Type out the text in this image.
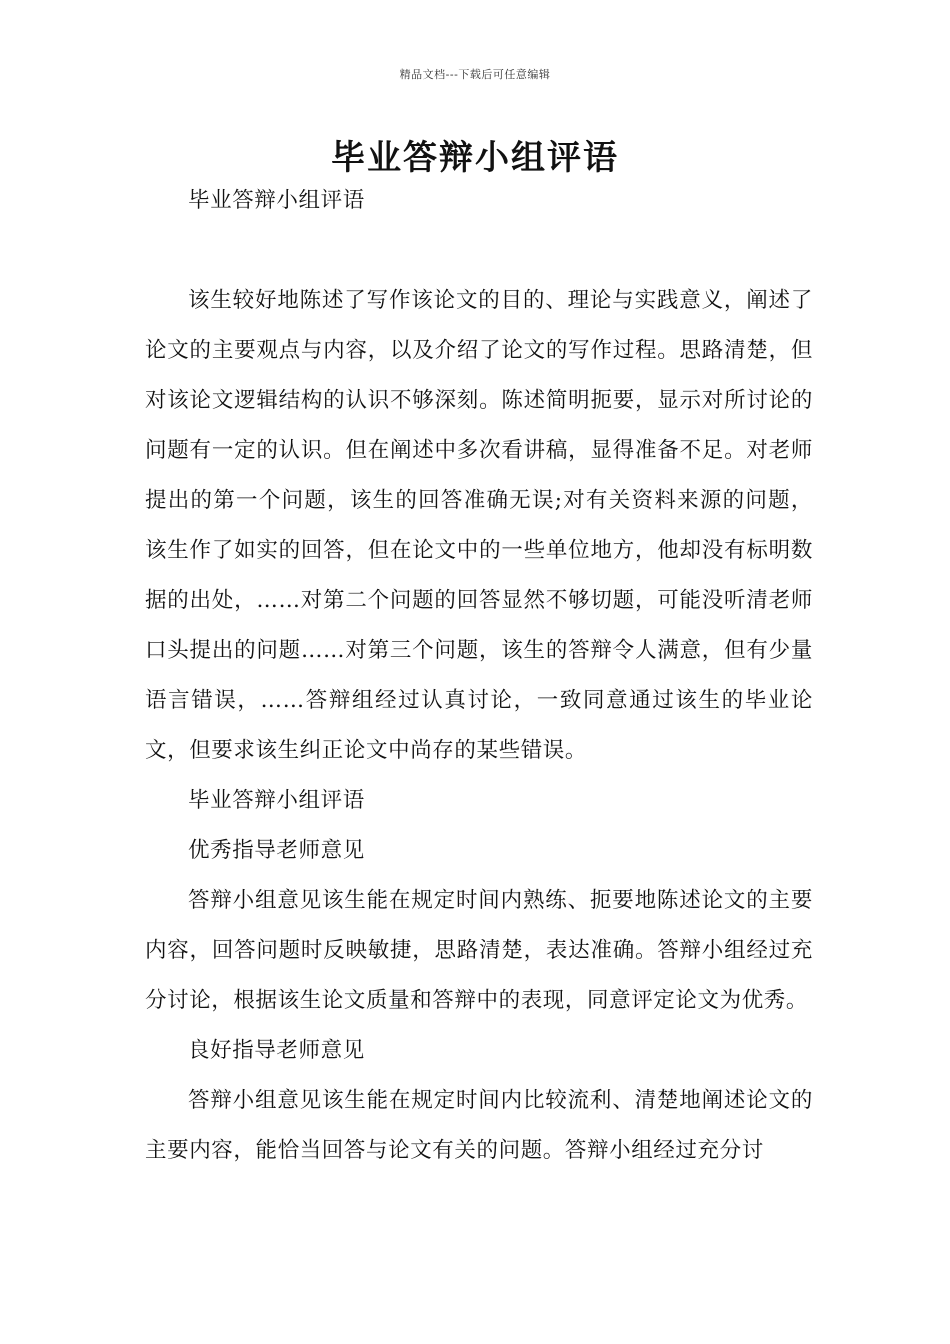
精品文档---下载后可任意编辑
毕业答辩小组评语

毕业答辩小组评语

该生较好地陈述了写作该论文的目的、理论与实践意义，阐述了论文的主要观点与内容，以及介绍了论文的写作过程。思路清楚，但对该论文逻辑结构的认识不够深刻。陈述简明扼要，显示对所讨论的问题有一定的认识。但在阐述中多次看讲稿，显得准备不足。对老师提出的第一个问题，该生的回答准确无误;对有关资料来源的问题，该生作了如实的回答，但在论文中的一些单位地方，他却没有标明数据的出处，……对第二个问题的回答显然不够切题，可能没听清老师口头提出的问题……对第三个问题，该生的答辩令人满意，但有少量语言错误，……答辩组经过认真讨论，一致同意通过该生的毕业论文，但要求该生纠正论文中尚存的某些错误。

毕业答辩小组评语

优秀指导老师意见

答辩小组意见该生能在规定时间内熟练、扼要地陈述论文的主要内容，回答问题时反映敏捷，思路清楚，表达准确。答辩小组经过充分讨论，根据该生论文质量和答辩中的表现，同意评定论文为优秀。

良好指导老师意见

答辩小组意见该生能在规定时间内比较流利、清楚地阐述论文的主要内容，能恰当回答与论文有关的问题。答辩小组经过充分讨
